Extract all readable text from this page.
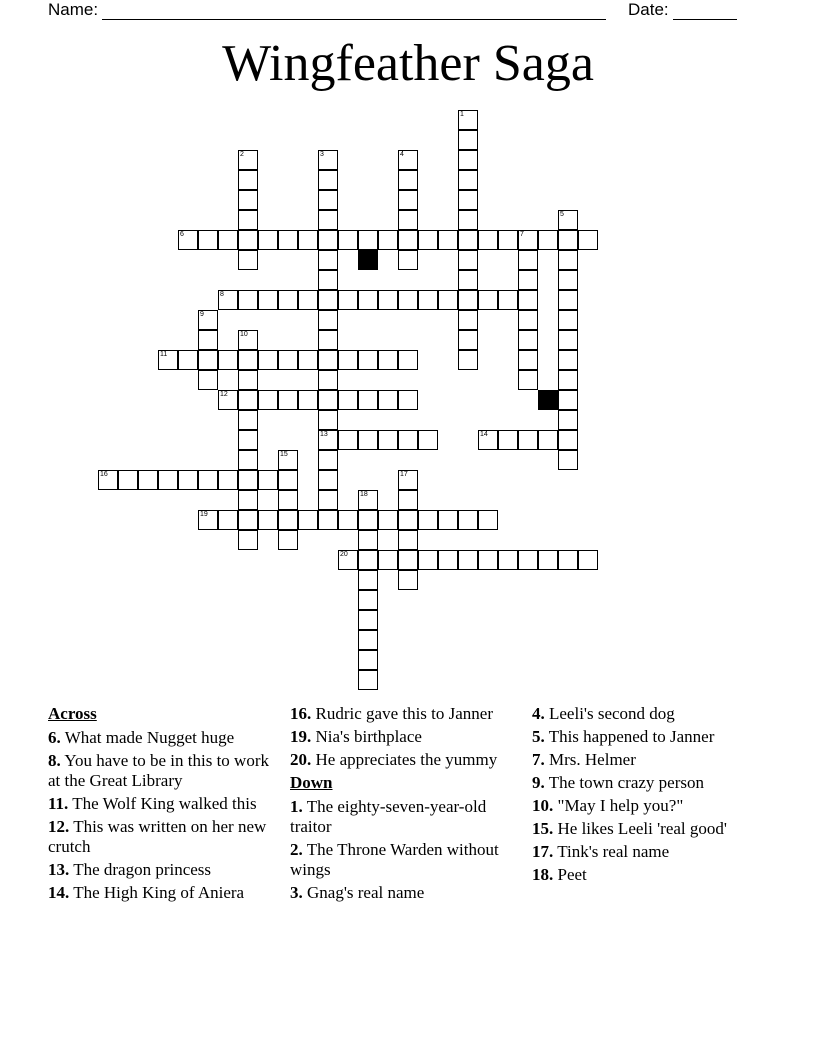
Name:	Date:
Wingfeather Saga
1
2	3
13
4
5
6	7
8
9
10
11
12
14
15
16	17
18
19
20
Across
6. What made Nugget huge
8. You have to be in this to work at the Great Library
11. The Wolf King walked this
12. This was written on her new crutch
13. The dragon princess
14. The High King of Aniera
16. Rudric gave this to Janner
19. Nia's birthplace
20. He appreciates the yummy
Down
1. The eighty-seven-year-old traitor
2. The Throne Warden without wings
3. Gnag's real name
4. Leeli's second dog
5. This happened to Janner
7. Mrs. Helmer
9. The town crazy person
10. "May I help you?"
15. He likes Leeli 'real good'
17. Tink's real name
18. Peet
